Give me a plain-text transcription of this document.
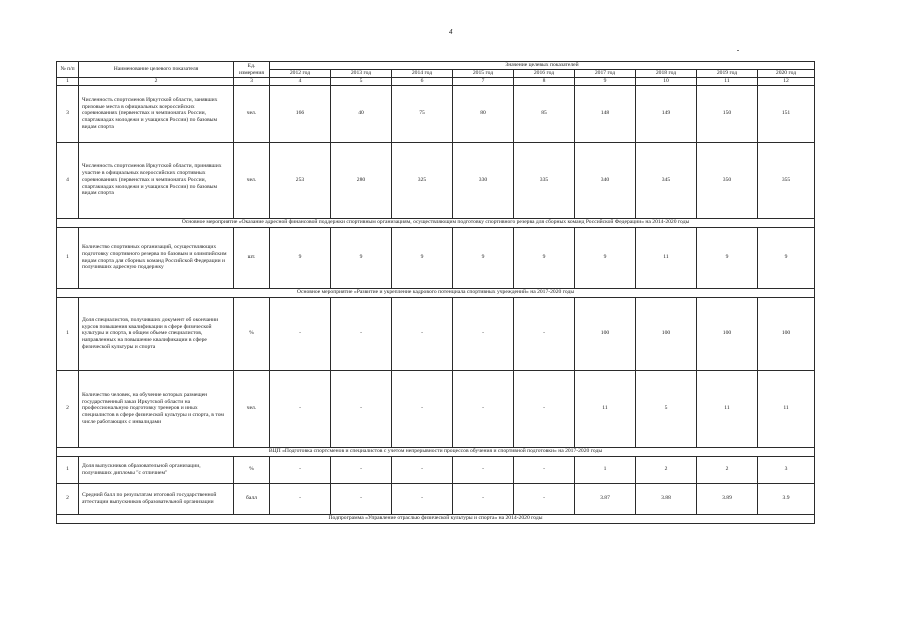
4
№ п/п	Наименование целевого показателя	Ед. измерения	Значение целевых показателей								
			2012 год	2013 год	2014 год	2015 год	2016 год	2017 год	2018 год	2019 год	2020 год
1	2	3	4	5	6	7	8	9	10	11	12
3	Численность спортсменов Иркутской области, занявших призовые места в официальных всероссийских соревнованиях (первенствах и чемпионатах России, спартакиадах молодежи и учащихся России) по базовым видам спорта	чел.	166	40	75	80	85	148	149	150	151
4	Численность спортсменов Иркутской области, принявших участие в официальных всероссийских спортивных соревнованиях (первенствах и чемпионатах России, спартакиадах молодежи и учащихся России) по базовым видам спорта	чел.	253	280	325	330	335	340	345	350	355
Основное мероприятие «Оказание адресной финансовой поддержки спортивным организациям, осуществляющим подготовку спортивного резерва для сборных команд Российской Федерации» на 2014-2020 годы											
1	Количество спортивных организаций, осуществляющих подготовку спортивного резерва по базовым и олимпийским видам спорта для сборных команд Российской Федерации и получивших адресную поддержку	шт.	9	9	9	9	9	9	11	9	9
Основное мероприятие «Развитие и укрепление кадрового потенциала спортивных учреждений» на 2017-2020 годы											
1	Доля специалистов, получивших документ об окончании курсов повышения квалификации в сфере физической культуры и спорта, в общем объеме специалистов, направленных на повышение квалификации в сфере физической культуры и спорта	%	-	-	-	-	-	100	100	100	100
2	Количество человек, на обучение которых размещен государственный заказ Иркутской области на профессиональную подготовку тренеров и иных специалистов в сфере физической культуры и спорта, в том числе работающих с инвалидами	чел.	-	-	-	-	-	11	5	11	11
ВЦП «Подготовка спортсменов и специалистов с учетом непрерывности процессов обучения и спортивной подготовки» на 2017-2020 годы											
1	Доля выпускников образовательной организации, получивших дипломы "с отличием"	%	-	-	-	-	-	1	2	2	3
2	Средний балл по результатам итоговой государственной аттестации выпускников образовательной организации	балл	-	-	-	-	-	3.87	3.88	3.89	3.9
Подпрограмма «Управление отраслью физической культуры и спорта» на 2014-2020 годы											
